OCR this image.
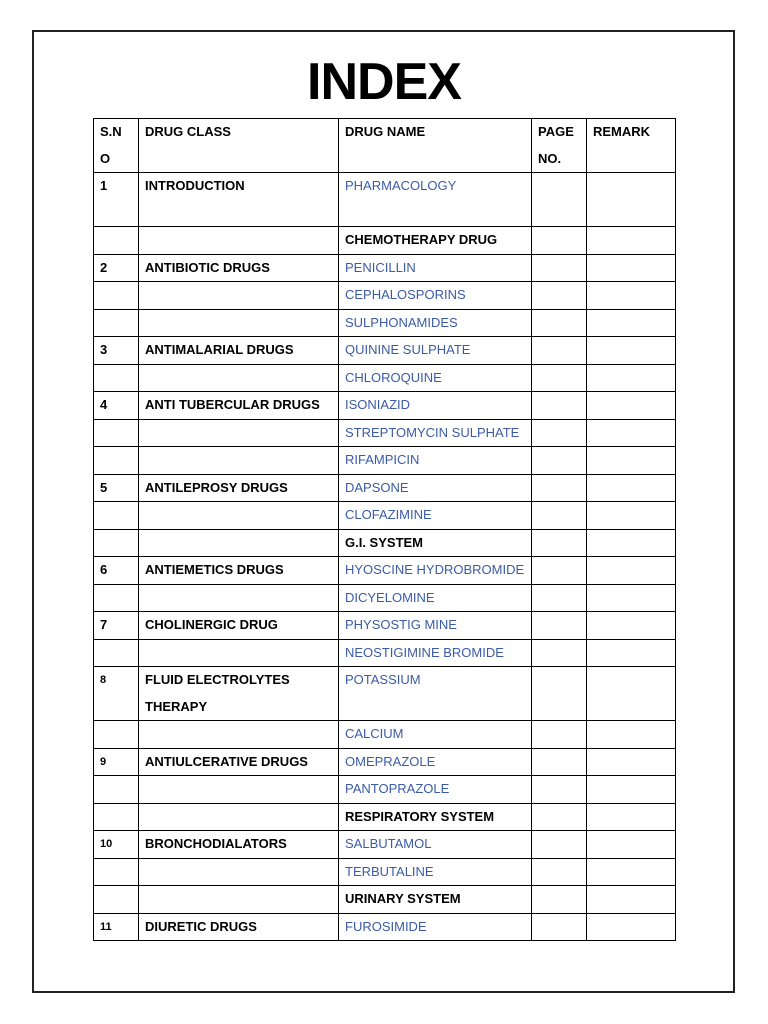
INDEX
S.N O	DRUG CLASS	DRUG NAME	PAGE NO.	REMARK
1	INTRODUCTION	PHARMACOLOGY		
		CHEMOTHERAPY DRUG		
2	ANTIBIOTIC DRUGS	PENICILLIN		
		CEPHALOSPORINS		
		SULPHONAMIDES		
3	ANTIMALARIAL DRUGS	QUININE SULPHATE		
		CHLOROQUINE		
4	ANTI TUBERCULAR DRUGS	ISONIAZID		
		STREPTOMYCIN SULPHATE		
		RIFAMPICIN		
5	ANTILEPROSY DRUGS	DAPSONE		
		CLOFAZIMINE		
		G.I. SYSTEM		
6	ANTIEMETICS DRUGS	HYOSCINE HYDROBROMIDE		
		DICYELOMINE		
7	CHOLINERGIC DRUG	PHYSOSTIG MINE		
		NEOSTIGIMINE BROMIDE		
8	FLUID ELECTROLYTES THERAPY	POTASSIUM		
		CALCIUM		
9	ANTIULCERATIVE DRUGS	OMEPRAZOLE		
		PANTOPRAZOLE		
		RESPIRATORY SYSTEM		
10	BRONCHODIALATORS	SALBUTAMOL		
		TERBUTALINE		
		URINARY SYSTEM		
11	DIURETIC DRUGS	FUROSIMIDE		
